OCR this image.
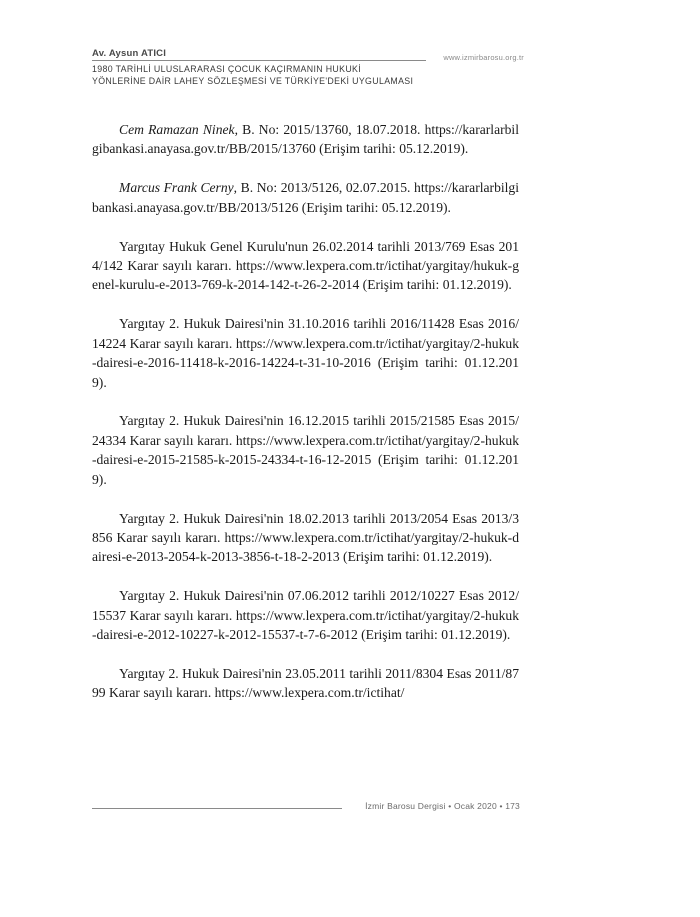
Av. Aysun ATICI	www.izmirbarosu.org.tr
1980 TARİHLİ ULUSLARARASI ÇOCUK KAÇIRMANIN HUKUKİ
YÖNLERİNE DAİR LAHEY SÖZLEŞMESİ VE TÜRKİYE'DEKİ UYGULAMASI

Cem Ramazan Ninek, B. No: 2015/13760, 18.07.2018. https://kararlarbilgibankasi.anayasa.gov.tr/BB/2015/13760 (Erişim tarihi: 05.12.2019).

Marcus Frank Cerny, B. No: 2013/5126, 02.07.2015. https://kararlarbilgibankasi.anayasa.gov.tr/BB/2013/5126 (Erişim tarihi: 05.12.2019).

Yargıtay Hukuk Genel Kurulu'nun 26.02.2014 tarihli 2013/769 Esas 2014/142 Karar sayılı kararı. https://www.lexpera.com.tr/ictihat/yargitay/hukuk-genel-kurulu-e-2013-769-k-2014-142-t-26-2-2014 (Erişim tarihi: 01.12.2019).

Yargıtay 2. Hukuk Dairesi'nin 31.10.2016 tarihli 2016/11428 Esas 2016/14224 Karar sayılı kararı. https://www.lexpera.com.tr/ictihat/yargitay/2-hukuk-dairesi-e-2016-11418-k-2016-14224-t-31-10-2016 (Erişim tarihi: 01.12.2019).

Yargıtay 2. Hukuk Dairesi'nin 16.12.2015 tarihli 2015/21585 Esas 2015/24334 Karar sayılı kararı. https://www.lexpera.com.tr/ictihat/yargitay/2-hukuk-dairesi-e-2015-21585-k-2015-24334-t-16-12-2015 (Erişim tarihi: 01.12.2019).

Yargıtay 2. Hukuk Dairesi'nin 18.02.2013 tarihli 2013/2054 Esas 2013/3856 Karar sayılı kararı. https://www.lexpera.com.tr/ictihat/yargitay/2-hukuk-dairesi-e-2013-2054-k-2013-3856-t-18-2-2013 (Erişim tarihi: 01.12.2019).

Yargıtay 2. Hukuk Dairesi'nin 07.06.2012 tarihli 2012/10227 Esas 2012/15537 Karar sayılı kararı. https://www.lexpera.com.tr/ictihat/yargitay/2-hukuk-dairesi-e-2012-10227-k-2012-15537-t-7-6-2012 (Erişim tarihi: 01.12.2019).

Yargıtay 2. Hukuk Dairesi'nin 23.05.2011 tarihli 2011/8304 Esas 2011/8799 Karar sayılı kararı. https://www.lexpera.com.tr/ictihat/

İzmir Barosu Dergisi • Ocak 2020 • 173
